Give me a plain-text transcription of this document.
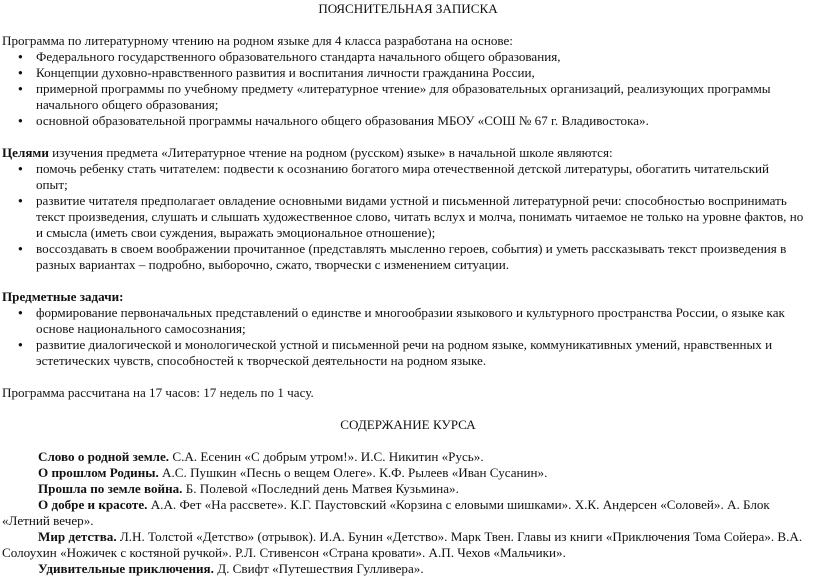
ПОЯСНИТЕЛЬНАЯ ЗАПИСКА

Программа по литературному чтению на родном языке для 4 класса разработана на основе:

● Федерального государственного образовательного стандарта начального общего образования,
● Концепции духовно-нравственного развития и воспитания личности гражданина России,
● примерной программы по учебному предмету «литературное чтение» для образовательных организаций, реализующих программы начального общего образования;
● основной образовательной программы начального общего образования МБОУ «СОШ № 67 г. Владивостока».

Целями изучения предмета «Литературное чтение на родном (русском) языке» в начальной школе являются:

● помочь ребенку стать читателем: подвести к осознанию богатого мира отечественной детской литературы, обогатить читательский опыт;
● развитие читателя предполагает овладение основными видами устной и письменной литературной речи: способностью воспринимать текст произведения, слушать и слышать художественное слово, читать вслух и молча, понимать читаемое не только на уровне фактов, но и смысла (иметь свои суждения, выражать эмоциональное отношение);
● воссоздавать в своем воображении прочитанное (представлять мысленно героев, события) и уметь рассказывать текст произведения в разных вариантах – подробно, выборочно, сжато, творчески с изменением ситуации.

Предметные задачи:

● формирование первоначальных представлений о единстве и многообразии языкового и культурного пространства России, о языке как основе национального самосознания;
● развитие диалогической и монологической устной и письменной речи на родном языке, коммуникативных умений, нравственных и эстетических чувств, способностей к творческой деятельности на родном языке.

Программа рассчитана на 17 часов: 17 недель по 1 часу.

СОДЕРЖАНИЕ КУРСА

Слово о родной земле. С.А. Есенин «С добрым утром!». И.С. Никитин «Русь».

О прошлом Родины. А.С. Пушкин «Песнь о вещем Олеге». К.Ф. Рылеев «Иван Сусанин».

Прошла по земле война. Б. Полевой «Последний день Матвея Кузьмина».

О добре и красоте. А.А. Фет «На рассвете». К.Г. Паустовский «Корзина с еловыми шишками». Х.К. Андерсен «Соловей». А. Блок «Летний вечер».

Мир детства. Л.Н. Толстой «Детство» (отрывок). И.А. Бунин «Детство». Марк Твен. Главы из книги «Приключения Тома Сойера». В.А. Солоухин «Ножичек с костяной ручкой». Р.Л. Стивенсон «Страна кровати». А.П. Чехов «Мальчики».

Удивительные приключения. Д. Свифт «Путешествия Гулливера».
